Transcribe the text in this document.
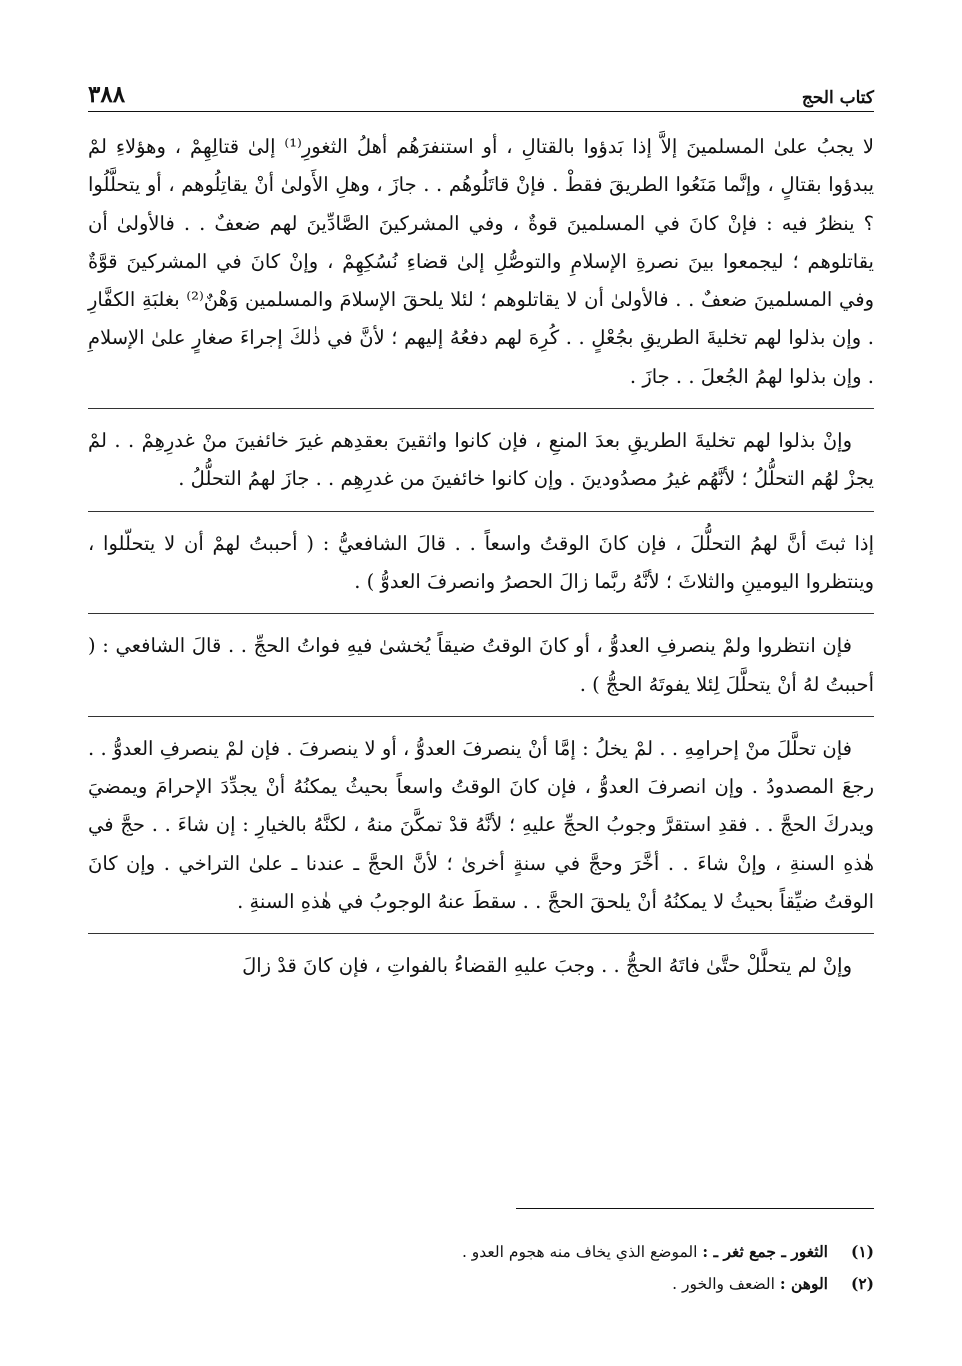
٣٨٨	كتاب الحج

لا يجبُ علىٰ المسلمينَ إلاَّ إذا بَدؤوا بالقتالِ ، أو استنفرَهُم أهلُ الثغورِ⁽¹⁾ إلىٰ قتالِهِمْ ، وهؤلاءِ لمْ يبدؤوا بقتالٍ ، وإنَّما مَنَعُوا الطريقَ فقطْ . فإنْ قاتَلُوهُم . . جازَ ، وهلِ الأَولىٰ أنْ يقاتِلُوهم ، أو يتحلَّلُوا ؟ ينظرُ فيه : فإنْ كانَ في المسلمينَ قوةٌ ، وفي المشركينَ الصَّادِّينَ لهم ضعفٌ . . فالأولىٰ أن يقاتلوهم ؛ ليجمعوا بينَ نصرةِ الإسلامِ والتوصُّلِ إلىٰ قضاءِ نُسُكِهِمْ ، وإنْ كانَ في المشركينَ قوَّةٌ وفي المسلمينَ ضعفٌ . . فالأولىٰ أن لا يقاتلوهم ؛ لئلا يلحقَ الإسلامَ والمسلمين وَهْنٌ⁽²⁾ بغلبَةِ الكفَّارِ . وإن بذلوا لهم تخليةَ الطريقِ بجُعْلٍ . . كُرِهَ لهم دفعُهُ إليهم ؛ لأنَّ في ذٰلكَ إجراءَ صغارٍ علىٰ الإسلامِ . وإن بذلوا لهمُ الجُعلَ . . جازَ .

وإنْ بذلوا لهم تخليةَ الطريقِ بعدَ المنعِ ، فإن كانوا واثقينَ بعقدِهم غيرَ خائفينَ منْ غدرِهِمْ . . لمْ يجزْ لهُم التحلُّلُ ؛ لأنَّهُم غيرُ مصدُودينَ . وإن كانوا خائفينَ من غدرِهِم . . جازَ لهمُ التحلُّلُ .

إذا ثبتَ أنَّ لهمُ التحلُّلَ ، فإن كانَ الوقتُ واسعاً . . قالَ الشافعيُّ : ( أحببتُ لهمْ أن لا يتحلّلوا ، وينتظروا اليومينِ والثلاثَ ؛ لأنَّهُ ربَّما زالَ الحصرُ وانصرفَ العدوُّ ) .

فإن انتظروا ولمْ ينصرفِ العدوُّ ، أو كانَ الوقتُ ضيقاً يُخشىٰ فيهِ فواتُ الحجِّ . . قالَ الشافعي : ( أحببتُ لهُ أنْ يتحلَّلَ لِئلا يفوتَهُ الحجُّ ) .

فإن تحلَّلَ منْ إحرامِهِ . . لمْ يخلُ : إمَّا أنْ ينصرفَ العدوُّ ، أو لا ينصرفَ . فإن لمْ ينصرفِ العدوُّ . . رجعَ المصدودُ . وإن انصرفَ العدوُّ ، فإن كانَ الوقتُ واسعاً بحيثُ يمكنُهُ أنْ يجدِّدَ الإحرامَ ويمضيَ ويدركَ الحجَّ . . فقدِ استقرَّ وجوبُ الحجِّ عليهِ ؛ لأنَّهُ قدْ تمكَّنَ منهُ ، لكنَّهُ بالخيارِ : إن شاءَ . . حجَّ في هٰذهِ السنةِ ، وإنْ شاءَ . . أخَّرَ وحجَّ في سنةٍ أخرىٰ ؛ لأنَّ الحجَّ ـ عندنا ـ علىٰ التراخي . وإن كانَ الوقتُ ضيِّقاً بحيثُ لا يمكنُهُ أنْ يلحقَ الحجَّ . . سقطَ عنهُ الوجوبُ في هٰذهِ السنةِ .

وإنْ لم يتحلَّلْ حتَّىٰ فاتَهُ الحجُّ . . وجبَ عليهِ القضاءُ بالفواتِ ، فإن كانَ قدْ زالَ

(١)
الثغور ـ جمع ثغر ـ : الموضع الذي يخاف منه هجوم العدو .
(٢)
الوهن : الضعف والخور .
